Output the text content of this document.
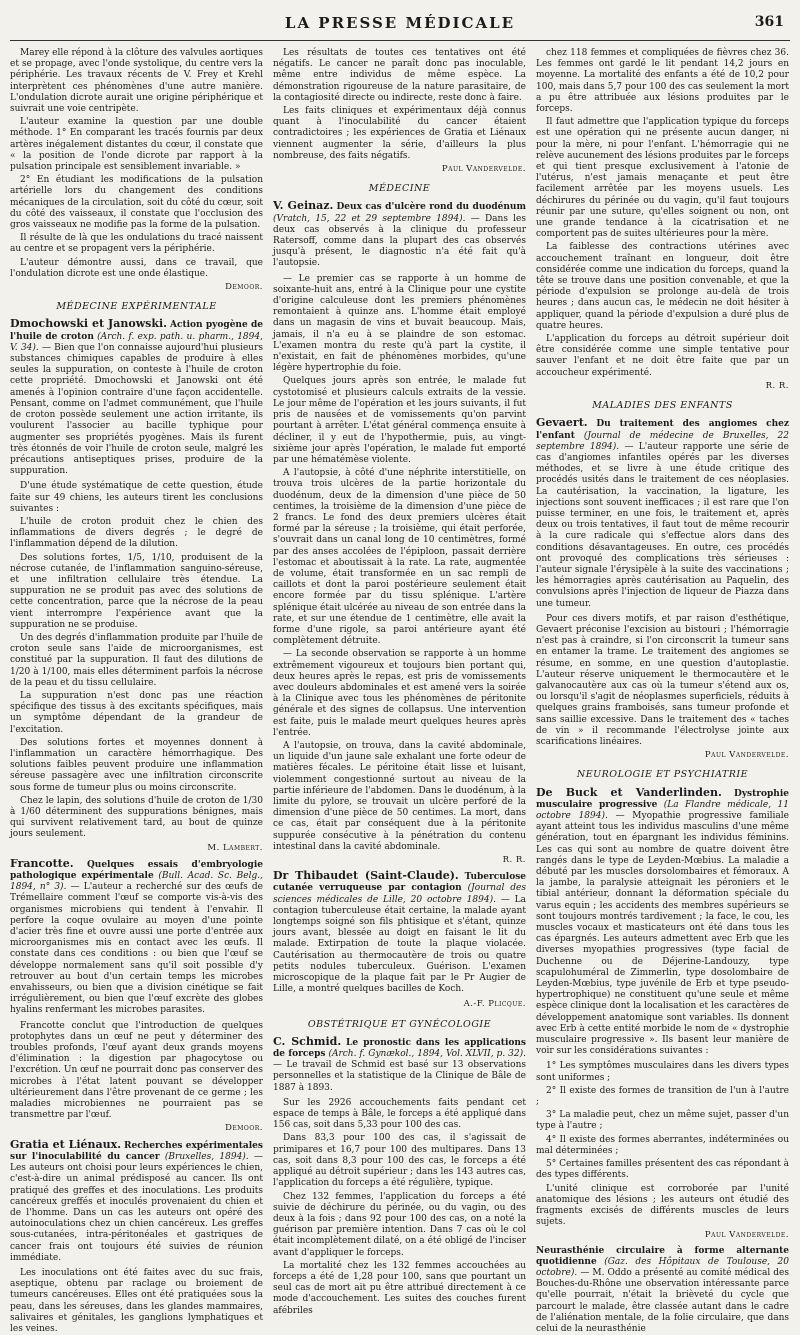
LA PRESSE MÉDICALE	361

Marey elle répond à la clôture des valvules aortiques et se propage, avec l'onde systolique, du centre vers la périphérie. Les travaux récents de V. Frey et Krehl interprètent ces phénomènes d'une autre manière. L'ondulation dicrote aurait une origine périphérique et suivrait une voie centripète.

L'auteur examine la question par une double méthode. 1° En comparant les tracés fournis par deux artères inégalement distantes du cœur, il constate que « la position de l'onde dicrote par rapport à la pulsation principale est sensiblement invariable. »

2° En étudiant les modifications de la pulsation artérielle lors du changement des conditions mécaniques de la circulation, soit du côté du cœur, soit du côté des vaisseaux, il constate que l'occlusion des gros vaisseaux ne modifie pas la forme de la pulsation.

Il résulte de là que les ondulations du tracé naissent au centre et se propagent vers la périphérie.

L'auteur démontre aussi, dans ce travail, que l'ondulation dicrote est une onde élastique.

Demoor.
MÉDECINE EXPÉRIMENTALE

Dmochowski et Janowski. Action pyogène de l'huile de croton (Arch. f. exp. path. u. pharm., 1894, V. 34). — Bien que l'on connaisse aujourd'hui plusieurs substances chimiques capables de produire à elles seules la suppuration, on conteste à l'huile de croton cette propriété. Dmochowski et Janowski ont été amenés à l'opinion contraire d'une façon accidentelle. Pensant, comme on l'admet communément, que l'huile de croton possède seulement une action irritante, ils voulurent l'associer au bacille typhique pour augmenter ses propriétés pyogènes. Mais ils furent très étonnés de voir l'huile de croton seule, malgré les précautions antiseptiques prises, produire de la suppuration.

D'une étude systématique de cette question, étude faite sur 49 chiens, les auteurs tirent les conclusions suivantes :

L'huile de croton produit chez le chien des inflammations de divers degrés ; le degré de l'inflammation dépend de la dilution.

Des solutions fortes, 1/5, 1/10, produisent de la nécrose cutanée, de l'inflammation sanguino-séreuse, et une infiltration cellulaire très étendue. La suppuration ne se produit pas avec des solutions de cette concentration, parce que la nécrose de la peau vient interrompre l'expérience avant que la suppuration ne se produise.

Un des degrés d'inflammation produite par l'huile de croton seule sans l'aide de microorganismes, est constitué par la suppuration. Il faut des dilutions de 1/20 à 1/100, mais elles déterminent parfois la nécrose de la peau et du tissu cellulaire.

La suppuration n'est donc pas une réaction spécifique des tissus à des excitants spécifiques, mais un symptôme dépendant de la grandeur de l'excitation.

Des solutions fortes et moyennes donnent à l'inflammation un caractère hémorrhagique. Des solutions faibles peuvent produire une inflammation séreuse passagère avec une infiltration circonscrite sous forme de tumeur plus ou moins circonscrite.

Chez le lapin, des solutions d'huile de croton de 1/30 à 1/60 déterminent des suppurations bénignes, mais qui survivent relativement tard, au bout de quinze jours seulement.

M. Lambert.

Francotte. Quelques essais d'embryologie pathologique expérimentale (Bull. Acad. Sc. Belg., 1894, n° 3). — L'auteur a recherché sur des œufs de Trémellaire comment l'œuf se comporte vis-à-vis des organismes microbiens qui tendent à l'envahir. Il perfore la coque ovulaire au moyen d'une pointe d'acier très fine et ouvre aussi une porte d'entrée aux microorganismes mis en contact avec les œufs. Il constate dans ces conditions : ou bien que l'œuf se développe normalement sans qu'il soit possible d'y retrouver au bout d'un certain temps les microbes envahisseurs, ou bien que a division cinétique se fait irrégulièrement, ou bien que l'œuf excrète des globes hyalins renfermant les microbes parasites.

Francotte conclut que l'introduction de quelques protophytes dans un œuf ne peut y déterminer des troubles profonds, l'œuf ayant deux grands moyens d'élimination : la digestion par phagocytose ou l'excrétion. Un œuf ne pourrait donc pas conserver des microbes à l'état latent pouvant se développer ultérieurement dans l'être provenant de ce germe ; les maladies microbiennes ne pourraient pas se transmettre par l'œuf.

Demoor.

Gratia et Liénaux. Recherches expérimentales sur l'inoculabilité du cancer (Bruxelles, 1894). — Les auteurs ont choisi pour leurs expériences le chien, c'est-à-dire un animal prédisposé au cancer. Ils ont pratiqué des greffes et des inoculations. Les produits cancéreux greffés et inoculés provenaient du chien et de l'homme. Dans un cas les auteurs ont opéré des autoinoculations chez un chien cancéreux. Les greffes sous-cutanées, intra-péritonéales et gastriques de cancer frais ont toujours été suivies de réunion immédiate.

Les inoculations ont été faites avec du suc frais, aseptique, obtenu par raclage ou broiement de tumeurs cancéreuses. Elles ont été pratiquées sous la peau, dans les séreuses, dans les glandes mammaires, salivaires et génitales, les ganglions lymphatiques et les veines.

Les résultats de toutes ces tentatives ont été négatifs. Le cancer ne paraît donc pas inoculable, même entre individus de même espèce. La démonstration rigoureuse de la nature parasitaire, de la contagiosité directe ou indirecte, reste donc à faire.

Les faits cliniques et expérimentaux déjà connus quant à l'inoculabilité du cancer étaient contradictoires ; les expériences de Gratia et Liénaux viennent augmenter la série, d'ailleurs la plus nombreuse, des faits négatifs.

Paul Vandervelde.
MÉDECINE

V. Geinaz. Deux cas d'ulcère rond du duodénum (Vratch, 15, 22 et 29 septembre 1894). — Dans les deux cas observés à la clinique du professeur Ratersoff, comme dans la plupart des cas observés jusqu'à présent, le diagnostic n'a été fait qu'à l'autopsie.

— Le premier cas se rapporte à un homme de soixante-huit ans, entré à la Clinique pour une cystite d'origine calculeuse dont les premiers phénomènes remontaient à quinze ans. L'homme était employé dans un magasin de vins et buvait beaucoup. Mais, jamais, il n'a eu à se plaindre de son estomac. L'examen montra du reste qu'à part la cystite, il n'existait, en fait de phénomènes morbides, qu'une légère hypertrophie du foie.

Quelques jours après son entrée, le malade fut cystotomisé et plusieurs calculs extraits de la vessie. Le jour même de l'opération et les jours suivants, il fut pris de nausées et de vomissements qu'on parvint pourtant à arrêter. L'état général commença ensuite à décliner, il y eut de l'hypothermie, puis, au vingt-sixième jour après l'opération, le malade fut emporté par une hématémèse violente.

A l'autopsie, à côté d'une néphrite interstitielle, on trouva trois ulcères de la partie horizontale du duodénum, deux de la dimension d'une pièce de 50 centimes, la troisième de la dimension d'une pièce de 2 francs. Le fond des deux premiers ulcères était formé par la séreuse ; la troisième, qui était perforée, s'ouvrait dans un canal long de 10 centimètres, formé par des anses accolées de l'épiploon, passait derrière l'estomac et aboutissait à la rate. La rate, augmentée de volume, était transformée en un sac rempli de caillots et dont la paroi postérieure seulement était encore formée par du tissu splénique. L'artère splénique était ulcérée au niveau de son entrée dans la rate, et sur une étendue de 1 centimètre, elle avait la forme d'une rigole, sa paroi antérieure ayant été complètement détruite.

— La seconde observation se rapporte à un homme extrêmement vigoureux et toujours bien portant qui, deux heures après le repas, est pris de vomissements avec douleurs abdominales et est amené vers la soirée à la Clinique avec tous les phénomènes de péritonite générale et des signes de collapsus. Une intervention est faite, puis le malade meurt quelques heures après l'entrée.

A l'autopsie, on trouva, dans la cavité abdominale, un liquide d'un jaune sale exhalant une forte odeur de matières fécales. Le péritoine était lisse et luisant, violemment congestionné surtout au niveau de la partie inférieure de l'abdomen. Dans le duodénum, à la limite du pylore, se trouvait un ulcère perforé de la dimension d'une pièce de 50 centimes. La mort, dans ce cas, était par conséquent due à la péritonite suppurée consécutive à la pénétration du contenu intestinal dans la cavité abdominale.

R. R.

Dr Thibaudet (Saint-Claude). Tuberculose cutanée verruqueuse par contagion (Journal des sciences médicales de Lille, 20 octobre 1894). — La contagion tuberculeuse était certaine, la malade ayant longtemps soigné son fils phtisique et s'étant, quinze jours avant, blessée au doigt en faisant le lit du malade. Extirpation de toute la plaque violacée. Cautérisation au thermocautère de trois ou quatre petits nodules tuberculeux. Guérison. L'examen microscopique de la plaque fait par le Pr Augier de Lille, a montré quelques bacilles de Koch.

A.-F. Plicque.
OBSTÉTRIQUE ET GYNÉCOLOGIE

C. Schmid. Le pronostic dans les applications de forceps (Arch. f. Gynækol., 1894, Vol. XLVII, p. 32). — Le travail de Schmid est basé sur 13 observations personnelles et la statistique de la Clinique de Bâle de 1887 à 1893.

Sur les 2926 accouchements faits pendant cet espace de temps à Bâle, le forceps a été appliqué dans 156 cas, soit dans 5,33 pour 100 des cas.

Dans 83,3 pour 100 des cas, il s'agissait de primipares et 16,7 pour 100 des multipares. Dans 13 cas, soit dans 8,3 pour 100 des cas, le forceps a été appliqué au détroit supérieur ; dans les 143 autres cas, l'application du forceps a été régulière, typique.

Chez 132 femmes, l'application du forceps a été suivie de déchirure du périnée, ou du vagin, ou des deux à la fois ; dans 92 pour 100 des cas, on a noté la guérison par première intention. Dans 7 cas où le col était incomplètement dilaté, on a été obligé de l'inciser avant d'appliquer le forceps.

La mortalité chez les 132 femmes accouchées au forceps a été de 1,28 pour 100, sans que pourtant un seul cas de mort ait pu être attribué directement à ce mode d'accouchement. Les suites des couches furent afébriles

chez 118 femmes et compliquées de fièvres chez 36. Les femmes ont gardé le lit pendant 14,2 jours en moyenne. La mortalité des enfants a été de 10,2 pour 100, mais dans 5,7 pour 100 des cas seulement la mort a pu être attribuée aux lésions produites par le forceps.

Il faut admettre que l'application typique du forceps est une opération qui ne présente aucun danger, ni pour la mère, ni pour l'enfant. L'hémorragie qui ne relève aucunement des lésions produites par le forceps et qui tient presque exclusivement à l'atonie de l'utérus, n'est jamais menaçante et peut être facilement arrêtée par les moyens usuels. Les déchirures du périnée ou du vagin, qu'il faut toujours réunir par une suture, qu'elles soignent ou non, ont une grande tendance à la cicatrisation et ne comportent pas de suites ultérieures pour la mère.

La faiblesse des contractions utérines avec accouchement traînant en longueur, doit être considérée comme une indication du forceps, quand la tête se trouve dans une position convenable, et que la période d'expulsion se prolonge au-delà de trois heures ; dans aucun cas, le médecin ne doit hésiter à appliquer, quand la période d'expulsion a duré plus de quatre heures.

L'application du forceps au détroit supérieur doit être considérée comme une simple tentative pour sauver l'enfant et ne doit être faite que par un accoucheur expérimenté.

R. R.
MALADIES DES ENFANTS

Gevaert. Du traitement des angiomes chez l'enfant (Journal de médecine de Bruxelles, 22 septembre 1894). — L'auteur rapporte une série de cas d'angiomes infantiles opérés par les diverses méthodes, et se livre à une étude critique des procédés usités dans le traitement de ces néoplasies. La cautérisation, la vaccination, la ligature, les injections sont souvent inefficaces ; il est rare que l'on puisse terminer, en une fois, le traitement et, après deux ou trois tentatives, il faut tout de même recourir à la cure radicale qui s'effectue alors dans des conditions désavantageuses. En outre, ces procédés ont provoqué des complications très sérieuses : l'auteur signale l'érysipèle à la suite des vaccinations ; les hémorragies après cautérisation au Paquelin, des convulsions après l'injection de liqueur de Piazza dans une tumeur.

Pour ces divers motifs, et par raison d'esthétique, Gevaert préconise l'excision au bistouri ; l'hémorragie n'est pas à craindre, si l'on circonscrit la tumeur sans en entamer la trame. Le traitement des angiomes se résume, en somme, en une question d'autoplastie. L'auteur réserve uniquement le thermocautère et le galvanocautère aux cas où la tumeur s'étend aux os, ou lorsqu'il s'agit de néoplasmes superficiels, réduits à quelques grains framboisés, sans tumeur profonde et sans saillie excessive. Dans le traitement des « taches de vin » il recommande l'électrolyse jointe aux scarifications linéaires.

Paul Vandervelde.
NEUROLOGIE ET PSYCHIATRIE

De Buck et Vanderlinden. Dystrophie musculaire progressive (La Flandre médicale, 11 octobre 1894). — Myopathie progressive familiale ayant atteint tous les individus masculins d'une même génération, tout en épargnant les individus féminins. Les cas qui sont au nombre de quatre doivent être rangés dans le type de Leyden-Mœbius. La maladie a débuté par les muscles dorsolombaires et fémoraux. A la jambe, la paralysie atteignait les péroniers et le tibial antérieur, donnant la déformation spéciale du varus equin ; les accidents des membres supérieurs se sont toujours montrés tardivement ; la face, le cou, les muscles vocaux et masticateurs ont été dans tous les cas épargnés. Les auteurs admettent avec Erb que les diverses myopathies progressives (type facial de Duchenne ou de Déjerine-Landouzy, type scapulohuméral de Zimmerlin, type dosolombaire de Leyden-Mœbius, type juvénile de Erb et type pseudo-hypertrophique) ne constituent qu'une seule et même espèce clinique dont la localisation et les caractères de développement anatomique sont variables. Ils donnent avec Erb à cette entité morbide le nom de « dystrophie musculaire progressive ». Ils basent leur manière de voir sur les considérations suivantes :

1° Les symptômes musculaires dans les divers types sont uniformes ;

2° Il existe des formes de transition de l'un à l'autre ;

3° La maladie peut, chez un même sujet, passer d'un type à l'autre ;

4° Il existe des formes aberrantes, indéterminées ou mal déterminées ;

5° Certaines familles présentent des cas répondant à des types différents.

L'unité clinique est corroborée par l'unité anatomique des lésions ; les auteurs ont étudié des fragments excisés de différents muscles de leurs sujets.

Paul Vandervelde.

Neurasthénie circulaire à forme alternante quotidienne (Gaz. des Hôpitaux de Toulouse, 20 octobre). — M. Oddo a présenté au comité médical des Bouches-du-Rhône une observation intéressante parce qu'elle pourrait, n'était la brièveté du cycle que parcourt le malade, être classée autant dans le cadre de l'aliénation mentale, de la folie circulaire, que dans celui de la neurasthénie
